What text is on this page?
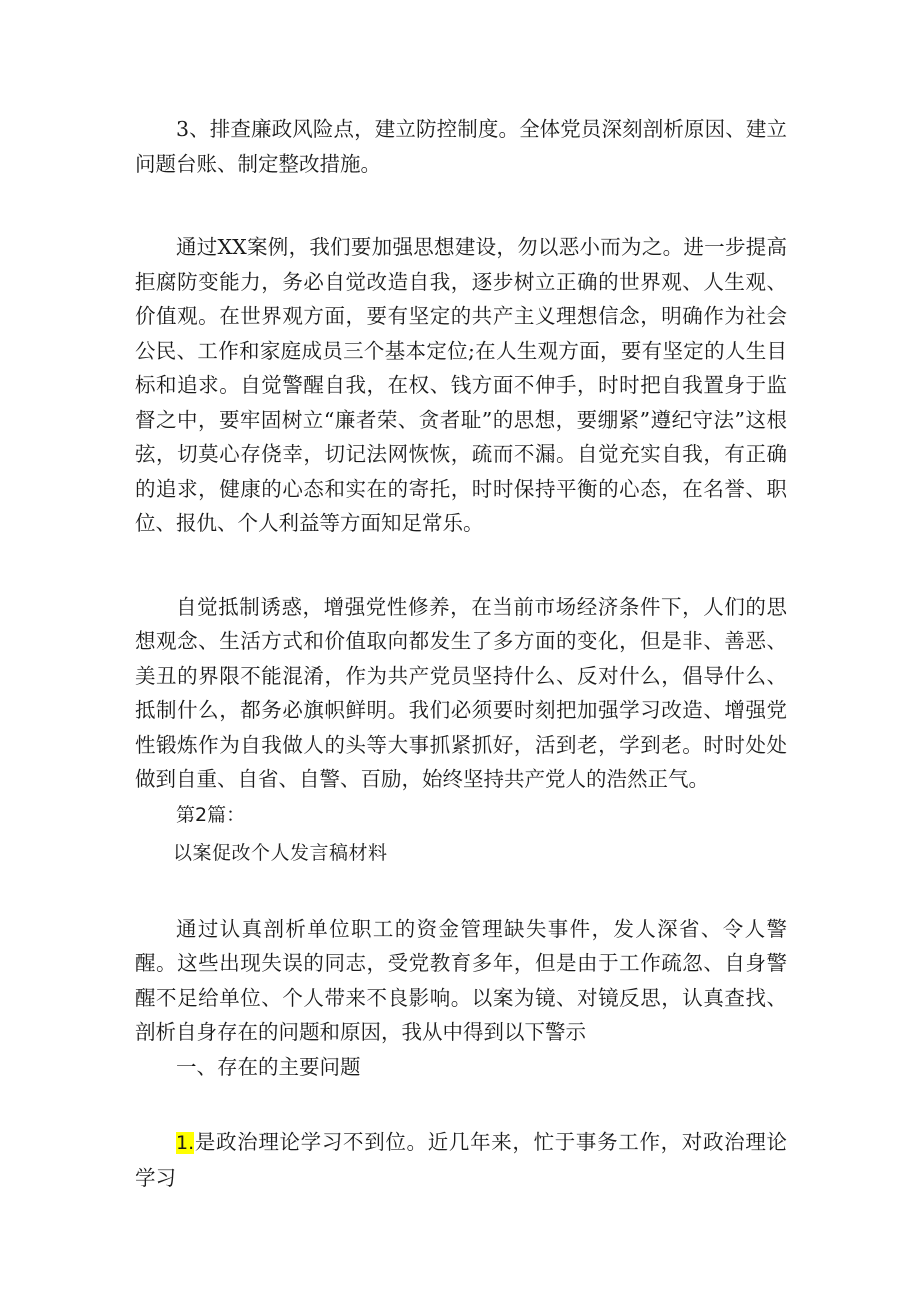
3、排查廉政风险点，建立防控制度。全体党员深刻剖析原因、建立问题台账、制定整改措施。

通过XX案例，我们要加强思想建设，勿以恶小而为之。进一步提高拒腐防变能力，务必自觉改造自我，逐步树立正确的世界观、人生观、价值观。在世界观方面，要有坚定的共产主义理想信念，明确作为社会公民、工作和家庭成员三个基本定位;在人生观方面，要有坚定的人生目标和追求。自觉警醒自我，在权、钱方面不伸手，时时把自我置身于监督之中，要牢固树立“廉者荣、贪者耻”的思想，要绷紧”遵纪守法”这根弦，切莫心存侥幸，切记法网恢恢，疏而不漏。自觉充实自我，有正确的追求，健康的心态和实在的寄托，时时保持平衡的心态，在名誉、职位、报仇、个人利益等方面知足常乐。

自觉抵制诱惑，增强党性修养，在当前市场经济条件下，人们的思想观念、生活方式和价值取向都发生了多方面的变化，但是非、善恶、美丑的界限不能混淆，作为共产党员坚持什么、反对什么，倡导什么、抵制什么，都务必旗帜鲜明。我们必须要时刻把加强学习改造、增强党性锻炼作为自我做人的头等大事抓紧抓好，活到老，学到老。时时处处做到自重、自省、自警、百励，始终坚持共产党人的浩然正气。

第2篇：

以案促改个人发言稿材料

通过认真剖析单位职工的资金管理缺失事件，发人深省、令人警醒。这些出现失误的同志，受党教育多年，但是由于工作疏忽、自身警醒不足给单位、个人带来不良影响。以案为镜、对镜反思，认真查找、剖析自身存在的问题和原因，我从中得到以下警示

一、存在的主要问题

1.是政治理论学习不到位。近几年来，忙于事务工作，对政治理论学习
